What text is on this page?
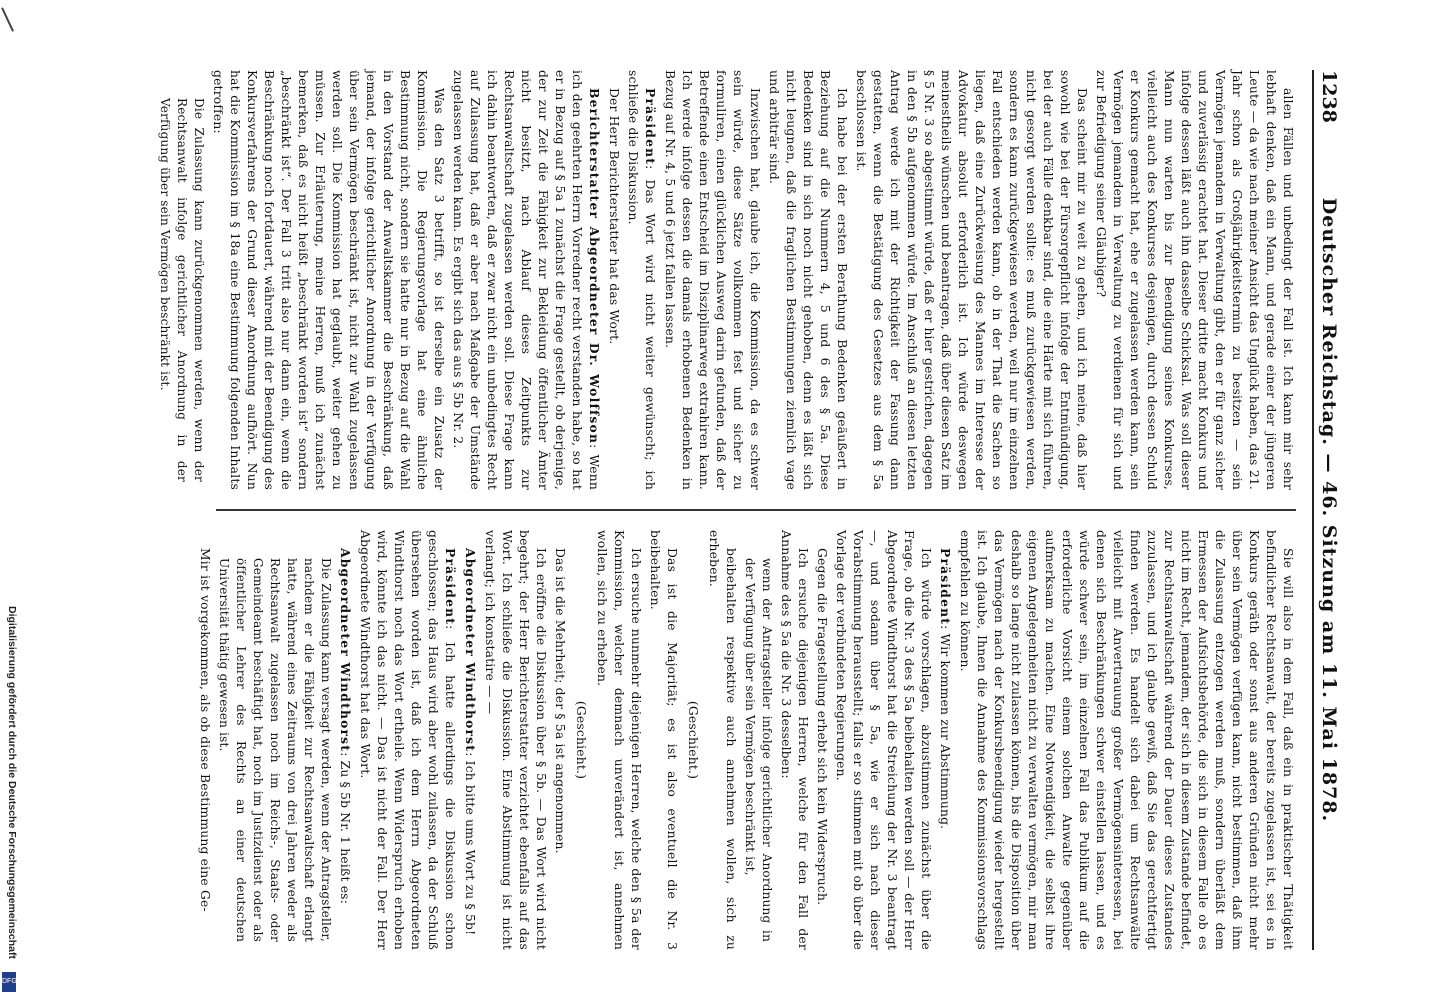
1238
Deutscher Reichstag. — 46. Sitzung am 11. Mai 1878.

allen Fällen und unbedingt der Fall ist. Ich kann mir sehr lebhaft denken, daß ein Mann, und gerade einer der jüngeren Leute — da wie nach meiner Ansicht das Unglück haben, das 21. Jahr schon als Großjährigkeitstermin zu besitzen — sein Vermögen jemandem in Verwaltung gibt, den er für ganz sicher und zuverlässig erachtet hat. Dieser dritte macht Konkurs und infolge dessen läßt auch ihn dasselbe Schicksal. Was soll dieser Mann nun warten bis zur Beendigung seines Konkurses, vielleicht auch des Konkurses desjenigen, durch dessen Schuld er Konkurs gemacht hat, ehe er zugelassen werden kann, sein Vermögen jemandem in Verwaltung zu verdienen für sich und zur Befriedigung seiner Gläubiger?

Das scheint mir zu weit zu gehen, und ich meine, daß hier sowohl wie bei der Fürsorgepflicht infolge der Entmündigung, bei der auch Fälle denkbar sind, die eine Härte mit sich führen, nicht gesorgt werden sollte: es muß zurückgewiesen werden, sondern es kann zurückgewiesen werden, weil nur im einzelnen Fall entschieden werden kann, ob in der That die Sachen so liegen, daß eine Zurückweisung des Mannes im Interesse der Advokatur absolut erforderlich ist. Ich würde deswegen meinestheils wünschen und beantragen, daß über diesen Satz im § 5 Nr. 3 so abgestimmt würde, daß er hier gestrichen, dagegen in den § 5b aufgenommen würde. Im Anschluß an diesen letzten Antrag werde ich mit der Richtigkeit der Fassung dann gestatten, wenn die Bestätigung des Gesetzes aus dem § 5a beschlossen ist.

Ich habe bei der ersten Berathung Bedenken geäußert in Beziehung auf die Nummern 4, 5 und 6 des § 5a. Diese Bedenken sind in sich noch nicht gehoben, denn es läßt sich nicht leugnen, daß die fraglichen Bestimmungen ziemlich vage und arbiträr sind.

Inzwischen hat, glaube ich, die Kommission, da es schwer sein würde, diese Sätze vollkommen fest und sicher zu formuliren, einen glücklichen Ausweg darin gefunden, daß der Betreffende einen Entscheid im Disziplinarweg extrahiren kann. Ich werde infolge dessen die damals erhobenen Bedenken in Bezug auf Nr. 4, 5 und 6 jetzt fallen lassen.

Präsident: Das Wort wird nicht weiter gewünscht; ich schließe die Diskussion.

Der Herr Berichterstatter hat das Wort.

Berichterstatter Abgeordneter Dr. Wolffson: Wenn ich den geehrten Herrn Vorredner recht verstanden habe, so hat er in Bezug auf § 5a 1 zunächst die Frage gestellt, ob derjenige, der zur Zeit die Fähigkeit zur Bekleidung öffentlicher Ämter nicht besitzt, nach Ablauf dieses Zeitpunkts zur Rechtsanwaltschaft zugelassen werden soll. Diese Frage kann ich dahin beantworten, daß er zwar nicht ein unbedingtes Recht auf Zulassung hat, daß er aber nach Maßgabe der Umstände zugelassen werden kann. Es ergibt sich das aus § 5b Nr. 2.

Was den Satz 3 betrifft, so ist derselbe ein Zusatz der Kommission. Die Regierungsvorlage hat eine ähnliche Bestimmung nicht, sondern sie hatte nur in Bezug auf die Wahl in den Vorstand der Anwaltskammer die Beschränkung, daß jemand, der infolge gerichtlicher Anordnung in der Verfügung über sein Vermögen beschränkt ist, nicht zur Wahl zugelassen werden soll. Die Kommission hat geglaubt, weiter gehen zu müssen. Zur Erläuterung, meine Herren, muß ich zunächst bemerken, daß es nicht heißt „beschränkt worden ist“ sondern „beschränkt ist“. Der Fall 3 tritt also nur dann ein, wenn die Beschränkung noch fortdauert, während mit der Beendigung des Konkursverfahrens der Grund dieser Anordnung aufhört. Nun hat die Kommission im § 18a eine Bestimmung folgenden Inhalts getroffen:

Die Zulassung kann zurückgenommen werden, wenn der Rechtsanwalt infolge gerichtlicher Anordnung in der Verfügung über sein Vermögen beschränkt ist.

Sie will also in dem Fall, daß ein in praktischer Thätigkeit befindlicher Rechtsanwalt, der bereits zugelassen ist, sei es in Konkurs geräth oder sonst aus anderen Gründen nicht mehr über sein Vermögen verfügen kann, nicht bestimmen, daß ihm die Zulassung entzogen werden muß, sondern überläßt dem Ermessen der Aufsichtsbehörde, die sich in diesem Falle ob es nicht im Recht, jemandem, der sich in diesem Zustande befindet, zur Rechtsanwaltschaft während der Dauer dieses Zustandes zuzulassen, und ich glaube gewiß, daß Sie das gerechtfertigt finden werden. Es handelt sich dabei um Rechtsanwälte vielleicht mit Anvertrauung großer Vermögensinteressen, bei denen sich Beschränkungen schwer einstellen lassen, und es würde schwer sein, im einzelnen Fall das Publikum auf die erforderliche Vorsicht einem solchen Anwalte gegenüber aufmerksam zu machen. Eine Notwendigkeit, die selbst ihre eigenen Angelegenheiten nicht zu verwalten vermögen, mir man deshalb so lange nicht zulassen können, bis die Disposition über das Vermögen nach der Konkursbeendigung wieder hergestellt ist. Ich glaube, Ihnen die Annahme des Kommissionsvorschlags empfehlen zu können.

Präsident: Wir kommen zur Abstimmung.

Ich würde vorschlagen, abzustimmen zunächst über die Frage, ob die Nr. 3 des § 5a beibehalten werden soll — der Herr Abgeordnete Windthorst hat die Streichung der Nr. 3 beantragt —, und sodann über § 5a, wie er sich nach dieser Vorabstimmung herausstellt; falls er so stimmen mit ob über die Vorlage der verbündeten Regierungen.

Gegen die Fragestellung erhebt sich kein Widerspruch.

Ich ersuche diejenigen Herren, welche für den Fall der Annahme des § 5a die Nr. 3 desselben:

wenn der Antragsteller infolge gerichtlicher Anordnung in der Verfügung über sein Vermögen beschränkt ist,

beibehalten respektive auch annehmen wollen, sich zu erheben.

(Geschieht.)

Das ist die Majorität; es ist also eventuell die Nr. 3 beibehalten.

Ich ersuche nunmehr diejenigen Herren, welche den § 5a der Kommission, welcher demnach unverändert ist, annehmen wollen, sich zu erheben.

(Geschieht.)

Das ist die Mehrheit; der § 5a ist angenommen.

Ich eröffne die Diskussion über § 5b. — Das Wort wird nicht begehrt; der Herr Berichterstatter verzichtet ebenfalls auf das Wort. Ich schließe die Diskussion. Eine Abstimmung ist nicht verlangt; ich konstatire — —

Abgeordneter Windthorst: Ich bitte ums Wort zu § 5b!

Präsident: Ich hatte allerdings die Diskussion schon geschlossen; das Haus wird aber wohl zulassen, da der Schluß übersehen worden ist, daß ich dem Herrn Abgeordneten Windthorst noch das Wort ertheile. Wenn Widerspruch erhoben wird, könnte ich das nicht. — Das ist nicht der Fall. Der Herr Abgeordnete Windthorst hat das Wort.

Abgeordneter Windthorst: Zu § 5b Nr. 1 heißt es:

Die Zulassung kann versagt werden, wenn der Antragsteller, nachdem er die Fähigkeit zur Rechtsanwaltschaft erlangt hatte, während eines Zeitraums von drei Jahren weder als Rechtsanwalt zugelassen noch im Reichs-, Staats- oder Gemeindeamt beschäftigt hat, noch im Justizdienst oder als öffentlicher Lehrer des Rechts an einer deutschen Universität thätig gewesen ist.

Mir ist vorgekommen, als ob diese Bestimmung eine Ge-

Digitalisierung gefördert durch die Deutsche Forschungsgemeinschaft
DFG
